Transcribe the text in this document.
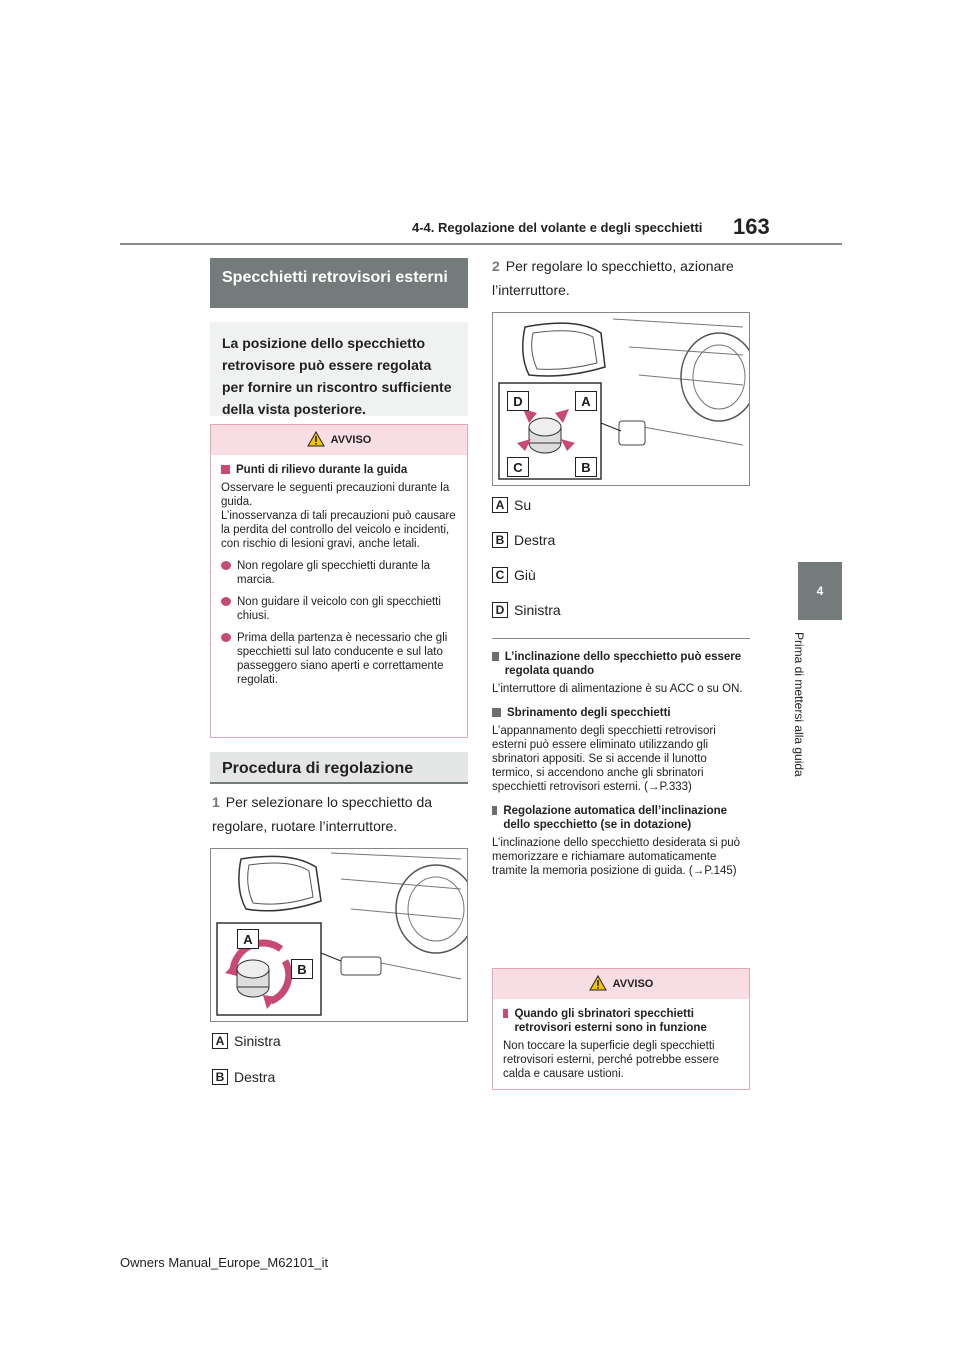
4-4. Regolazione del volante e degli specchietti 163
4
Prima di mettersi alla guida
Specchietti retrovisori esterni
La posizione dello specchietto retrovisore può essere regolata per fornire un riscontro sufficiente della vista posteriore.
AVVISO
Punti di rilievo durante la guida
Osservare le seguenti precauzioni durante la guida.
L’inosservanza di tali precauzioni può causare la perdita del controllo del veicolo e incidenti, con rischio di lesioni gravi, anche letali.
Non regolare gli specchietti durante la marcia.
Non guidare il veicolo con gli specchietti chiusi.
Prima della partenza è necessario che gli specchietti sul lato conducente e sul lato passeggero siano aperti e correttamente regolati.
Procedura di regolazione
1 Per selezionare lo specchietto da regolare, ruotare l’interruttore.
A
B
A Sinistra
B Destra
2 Per regolare lo specchietto, azionare l’interruttore.
D	A
C	B
A Su
B Destra
C Giù
D Sinistra
L’inclinazione dello specchietto può essere regolata quando
L’interruttore di alimentazione è su ACC o su ON.
Sbrinamento degli specchietti
L’appannamento degli specchietti retrovisori esterni può essere eliminato utilizzando gli sbrinatori appositi. Se si accende il lunotto termico, si accendono anche gli sbrinatori specchietti retrovisori esterni. (→P.333)
Regolazione automatica dell’inclinazione dello specchietto (se in dotazione)
L’inclinazione dello specchietto desiderata si può memorizzare e richiamare automaticamente tramite la memoria posizione di guida. (→P.145)
AVVISO
Quando gli sbrinatori specchietti retrovisori esterni sono in funzione
Non toccare la superficie degli specchietti retrovisori esterni, perché potrebbe essere calda e causare ustioni.
Owners Manual_Europe_M62101_it
